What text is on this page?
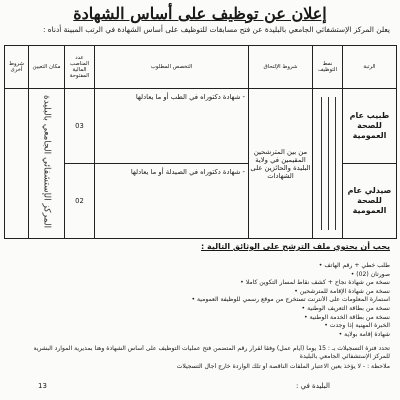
إعلان عن توظيف على أساس الشهادة
يعلن المركز الإستشفائي الجامعي بالبليدة عن فتح مسابقات للتوظيف على أساس الشهادة في الرتب المبينة أدناه :
الرتبة	نمط التوظيف	شروط الإلتحاق	التخصص المطلوب	عدد المناصب المالية المفتوحة	مكان التعيين	شروط أخرى

طبيب عام للصحة العمومية		من بين المترشحين المقيمين في ولاية البليدة والحائزين على الشهادات	- شهادة دكتوراه في الطب أو ما يعادلها	03	المركز الإستشفائي الجامعي بالبليدة	

صيدلي عام للصحة العمومية			- شهادة دكتوراه في الصيدلة أو ما يعادلها	02		
يجب أن يحتوي ملف الترشح على الوثائق التالية :
طلب خطي + رقم الهاتف •
صورتان (02) •
نسخة من شهادة نجاح + كشف نقاط لمسار التكوين كاملا •
نسخة من شهادة الإقامة للمترشحين •
استمارة المعلومات على الأنترنت تستخرج من موقع رسمي للوظيفة العمومية •
نسخة من بطاقة التعريف الوطنية •
نسخة من بطاقة الخدمة الوطنية •
الخبرة المهنية إذا وجدت •
شهادة إقامة بولاية •
تحدد فترة التسجيلات بـ : 15 يوما (أيام عمل) وفقا لقرار رقم المتضمن فتح عمليات التوظيف على أساس الشهادة وهنا بمديرية الموارد البشرية
للمركز الإستشفائي الجامعي بالبليدة
ملاحظة : - لا يؤخذ بعين الاعتبار الملفات الناقصة أو تلك الواردة خارج أجال التسجيلات
البليدة في :
13
